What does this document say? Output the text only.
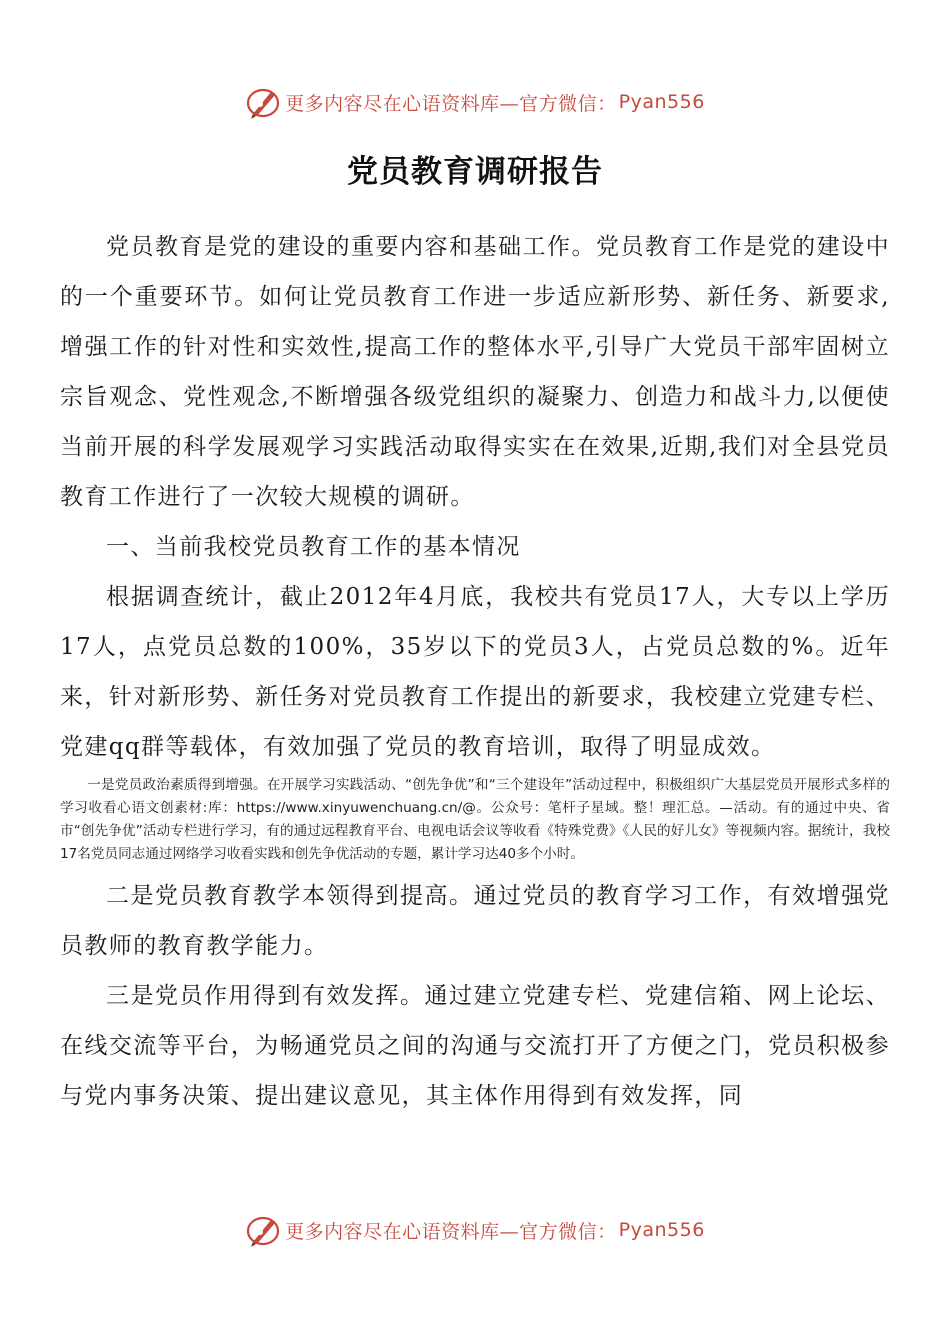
更多内容尽在心语资料库—官方微信： Pyan556
党员教育调研报告

党员教育是党的建设的重要内容和基础工作。党员教育工作是党的建设中的一个重要环节。如何让党员教育工作进一步适应新形势、新任务、新要求,增强工作的针对性和实效性,提高工作的整体水平,引导广大党员干部牢固树立宗旨观念、党性观念,不断增强各级党组织的凝聚力、创造力和战斗力,以便使当前开展的科学发展观学习实践活动取得实实在在效果,近期,我们对全县党员教育工作进行了一次较大规模的调研。

一、当前我校党员教育工作的基本情况

根据调查统计，截止2012年4月底，我校共有党员17人，大专以上学历17人，点党员总数的100%，35岁以下的党员3人，占党员总数的%。近年来，针对新形势、新任务对党员教育工作提出的新要求，我校建立党建专栏、党建qq群等载体，有效加强了党员的教育培训，取得了明显成效。

一是党员政治素质得到增强。在开展学习实践活动、“创先争优”和“三个建设年”活动过程中，积极组织广大基层党员开展形式多样的学习收看心语文创素材:库：https://www.xinyuwenchuang.cn/@。公众号：笔杆子星域。整！理汇总。—活动。有的通过中央、省市“创先争优”活动专栏进行学习，有的通过远程教育平台、电视电话会议等收看《特殊党费》《人民的好儿女》等视频内容。据统计，我校17名党员同志通过网络学习收看实践和创先争优活动的专题，累计学习达40多个小时。

二是党员教育教学本领得到提高。通过党员的教育学习工作，有效增强党员教师的教育教学能力。

三是党员作用得到有效发挥。通过建立党建专栏、党建信箱、网上论坛、在线交流等平台，为畅通党员之间的沟通与交流打开了方便之门，党员积极参与党内事务决策、提出建议意见，其主体作用得到有效发挥，同

更多内容尽在心语资料库—官方微信： Pyan556
